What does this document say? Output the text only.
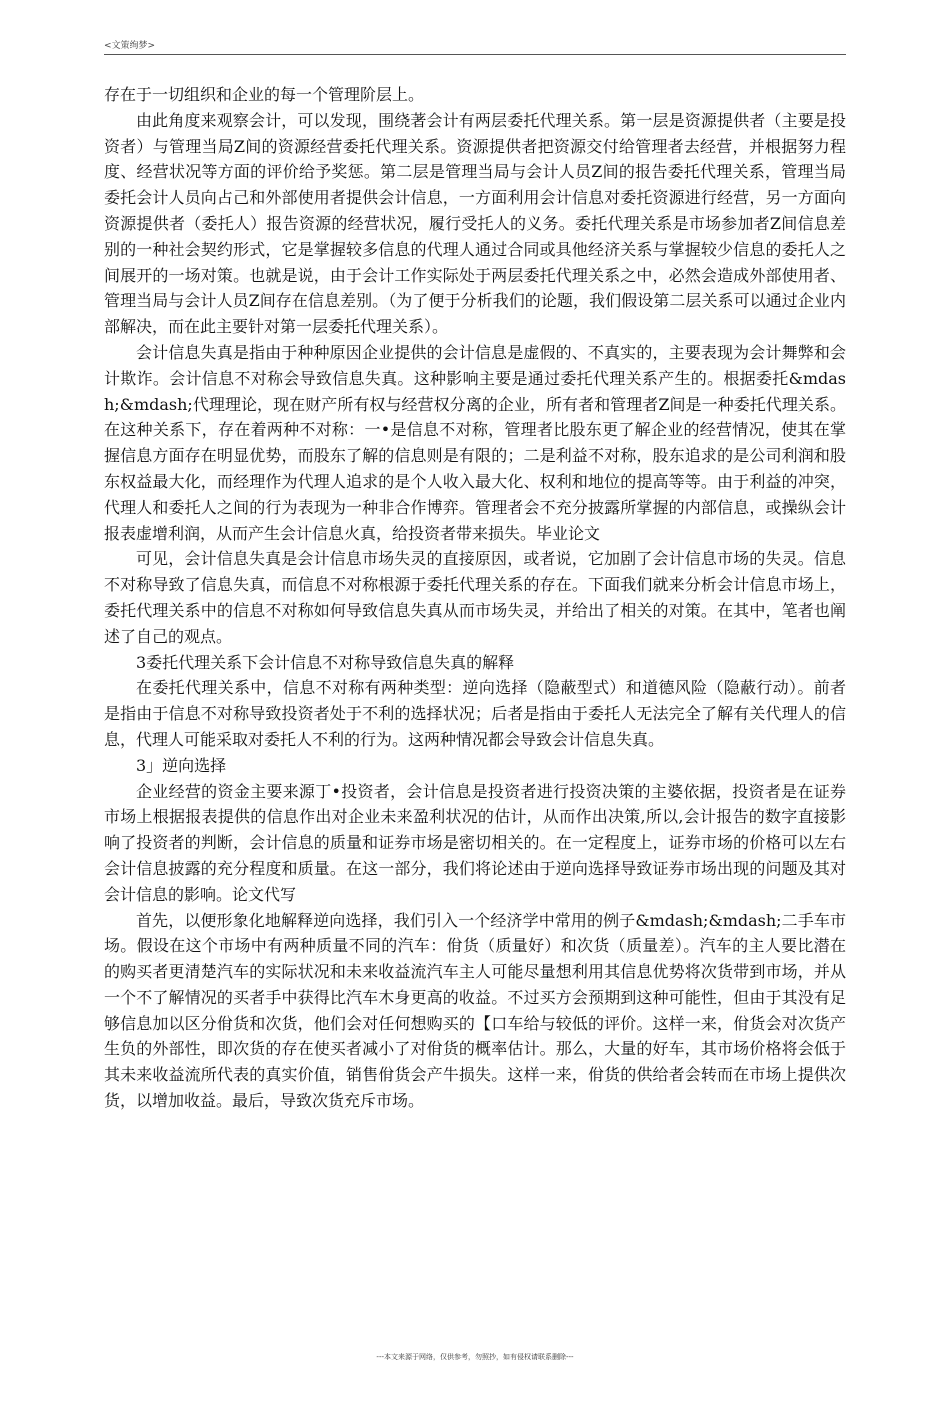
<文策绚梦>

存在于一切组织和企业的每一个管理阶层上。

由此角度来观察会计，可以发现，围绕著会计有两层委托代理关系。第一层是资源提供者（主要是投资者）与管理当局Z间的资源经营委托代理关系。资源提供者把资源交付给管理者去经营，并根据努力程度、经营状况等方面的评价给予奖惩。第二层是管理当局与会计人员Z间的报告委托代理关系，管理当局委托会计人员向占己和外部使用者提供会计信息，一方面利用会计信息对委托资源进行经营，另一方面向资源提供者（委托人）报告资源的经营状况，履行受托人的义务。委托代理关系是市场参加者Z间信息差别的一种社会契约形式，它是掌握较多信息的代理人通过合同或具他经济关系与掌握较少信息的委托人之间展开的一场对策。也就是说，由于会计工作实际处于两层委托代理关系之中，必然会造成外部使用者、管理当局与会计人员Z间存在信息差别。（为了便于分析我们的论题，我们假设第二层关系可以通过企业内部解决，而在此主要针对第一层委托代理关系）。

会计信息失真是指由于种种原因企业提供的会计信息是虚假的、不真实的，主要表现为会计舞弊和会计欺诈。会计信息不对称会导致信息失真。这种影响主要是通过委托代理关系产生的。根据委托&mdash;&mdash;代理理论，现在财产所有权与经营权分离的企业，所有者和管理者Z间是一种委托代理关系。在这种关系下，存在着两种不对称：一•是信息不对称，管理者比股东更了解企业的经营情况，使其在掌握信息方面存在明显优势，而股东了解的信息则是有限的；二是利益不对称，股东追求的是公司利润和股东权益最大化，而经理作为代理人追求的是个人收入最大化、权利和地位的提高等等。由于利益的冲突，代理人和委托人之间的行为表现为一种非合作博弈。管理者会不充分披露所掌握的内部信息，或操纵会计报表虚增利润，从而产生会计信息火真，给投资者带来损失。毕业论文

可见，会计信息失真是会计信息市场失灵的直接原因，或者说，它加剧了会计信息市场的失灵。信息不对称导致了信息失真，而信息不对称根源于委托代理关系的存在。下面我们就来分析会计信息市场上，委托代理关系中的信息不对称如何导致信息失真从而市场失灵，并给出了相关的对策。在其中，笔者也阐述了自己的观点。

3委托代理关系下会计信息不对称导致信息失真的解释

在委托代理关系中，信息不对称有两种类型：逆向选择（隐蔽型式）和道德风险（隐蔽行动）。前者是指由于信息不对称导致投资者处于不利的选择状况；后者是指由于委托人无法完全了解有关代理人的信息，代理人可能采取对委托人不利的行为。这两种情况都会导致会计信息失真。

3」逆向选择

企业经营的资金主要来源丁•投资者，会计信息是投资者进行投资决策的主婆依据，投资者是在证券市场上根据报表提供的信息作出对企业未来盈利状况的估计，从而作出决策,所以,会计报告的数字直接影响了投资者的判断，会计信息的质量和证券市场是密切相关的。在一定程度上，证券市场的价格可以左右会计信息披露的充分程度和质量。在这一部分，我们将论述由于逆向选择导致证券市场出现的问题及其对会计信息的影响。论文代写

首先，以便形象化地解释逆向选择，我们引入一个经济学中常用的例子&mdash;&mdash;二手车市场。假设在这个市场中有两种质量不同的汽车：佾货（质量好）和次货（质量差）。汽车的主人要比潜在的购买者更清楚汽车的实际状况和未来收益流汽车主人可能尽量想利用其信息优势将次货带到市场，并从一个不了解情况的买者手中获得比汽车木身更高的收益。不过买方会预期到这种可能性，但由于其没有足够信息加以区分佾货和次货，他们会对任何想购买的【口车给与较低的评价。这样一来，佾货会对次货产生负的外部性，即次货的存在使买者减小了对佾货的概率估计。那么，大量的好车，其市场价格将会低于其未来收益流所代表的真实价值，销售佾货会产牛损失。这样一来，佾货的供给者会转而在市场上提供次货，以增加收益。最后，导致次货充斥市场。

---本文来源于网络，仅供参考，勿照抄，如有侵权请联系删除---
